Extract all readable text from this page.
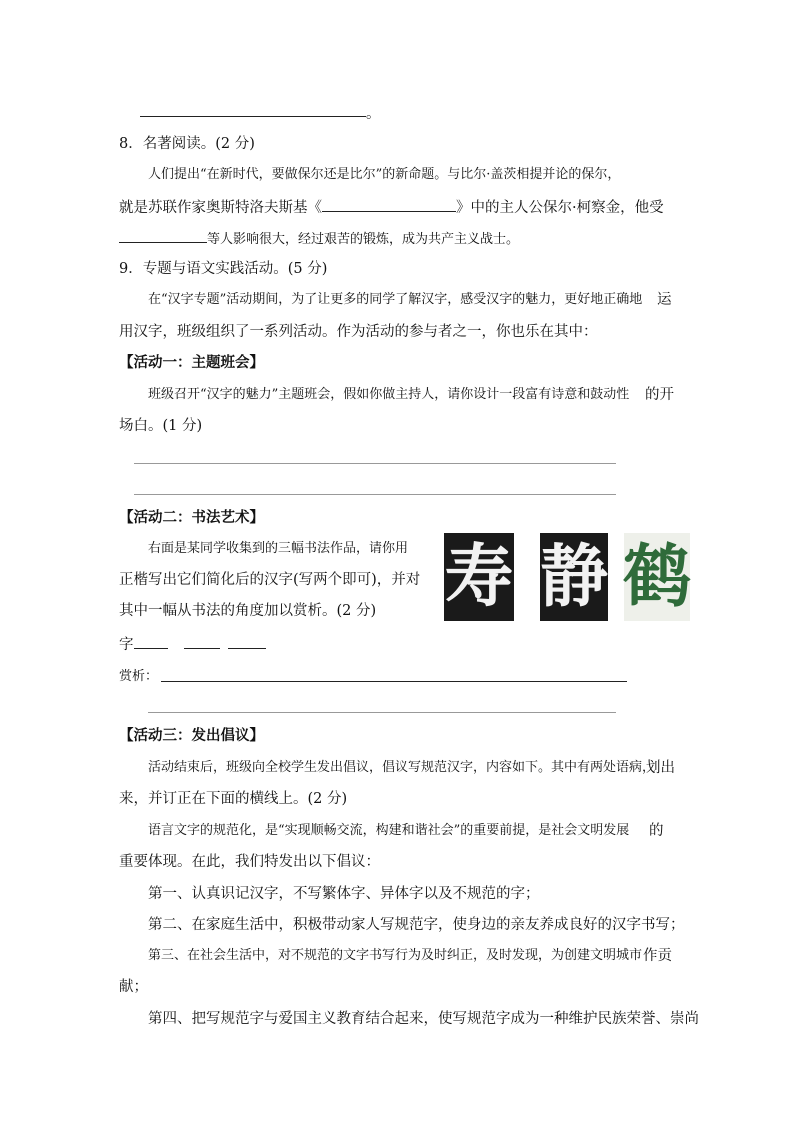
。
8．名著阅读。(2 分)
人们提出“在新时代，要做保尔还是比尔”的新命题。与比尔·盖茨相提并论的保尔，
就是苏联作家奥斯特洛夫斯基《	》中的主人公保尔·柯察金，他受
等人影响很大，经过艰苦的锻炼，成为共产主义战士。
9．专题与语文实践活动。(5 分)
在“汉字专题”活动期间，为了让更多的同学了解汉字，感受汉字的魅力，更好地正确地 运
用汉字，班级组织了一系列活动。作为活动的参与者之一，你也乐在其中：
【活动一：主题班会】
班级召开“汉字的魅力”主题班会，假如你做主持人，请你设计一段富有诗意和鼓动性 的开
场白。(1 分)
【活动二：书法艺术】
右面是某同学收集到的三幅书法作品，请你用
正楷写出它们简化后的汉字(写两个即可)，并对
其中一幅从书法的角度加以赏析。(2 分)
字
赏析：
寿 静 鹤
【活动三：发出倡议】
活动结束后，班级向全校学生发出倡议，倡议写规范汉字，内容如下。其中有两处语病，
划出
来，并订正在下面的横线上。(2 分)
语言文字的规范化，是“实现顺畅交流，构建和谐社会”的重要前提，是社会文明发展 的
重要体现。在此，我们特发出以下倡议：
第一、认真识记汉字，不写繁体字、异体字以及不规范的字；
第二、在家庭生活中，积极带动家人写规范字，使身边的亲友养成良好的汉字书写；
第三、在社会生活中，对不规范的文字书写行为及时纠正，及时发现，为创建文明城市 作贡
献；
第四、把写规范字与爱国主义教育结合起来，使写规范字成为一种维护民族荣誉、崇尚
